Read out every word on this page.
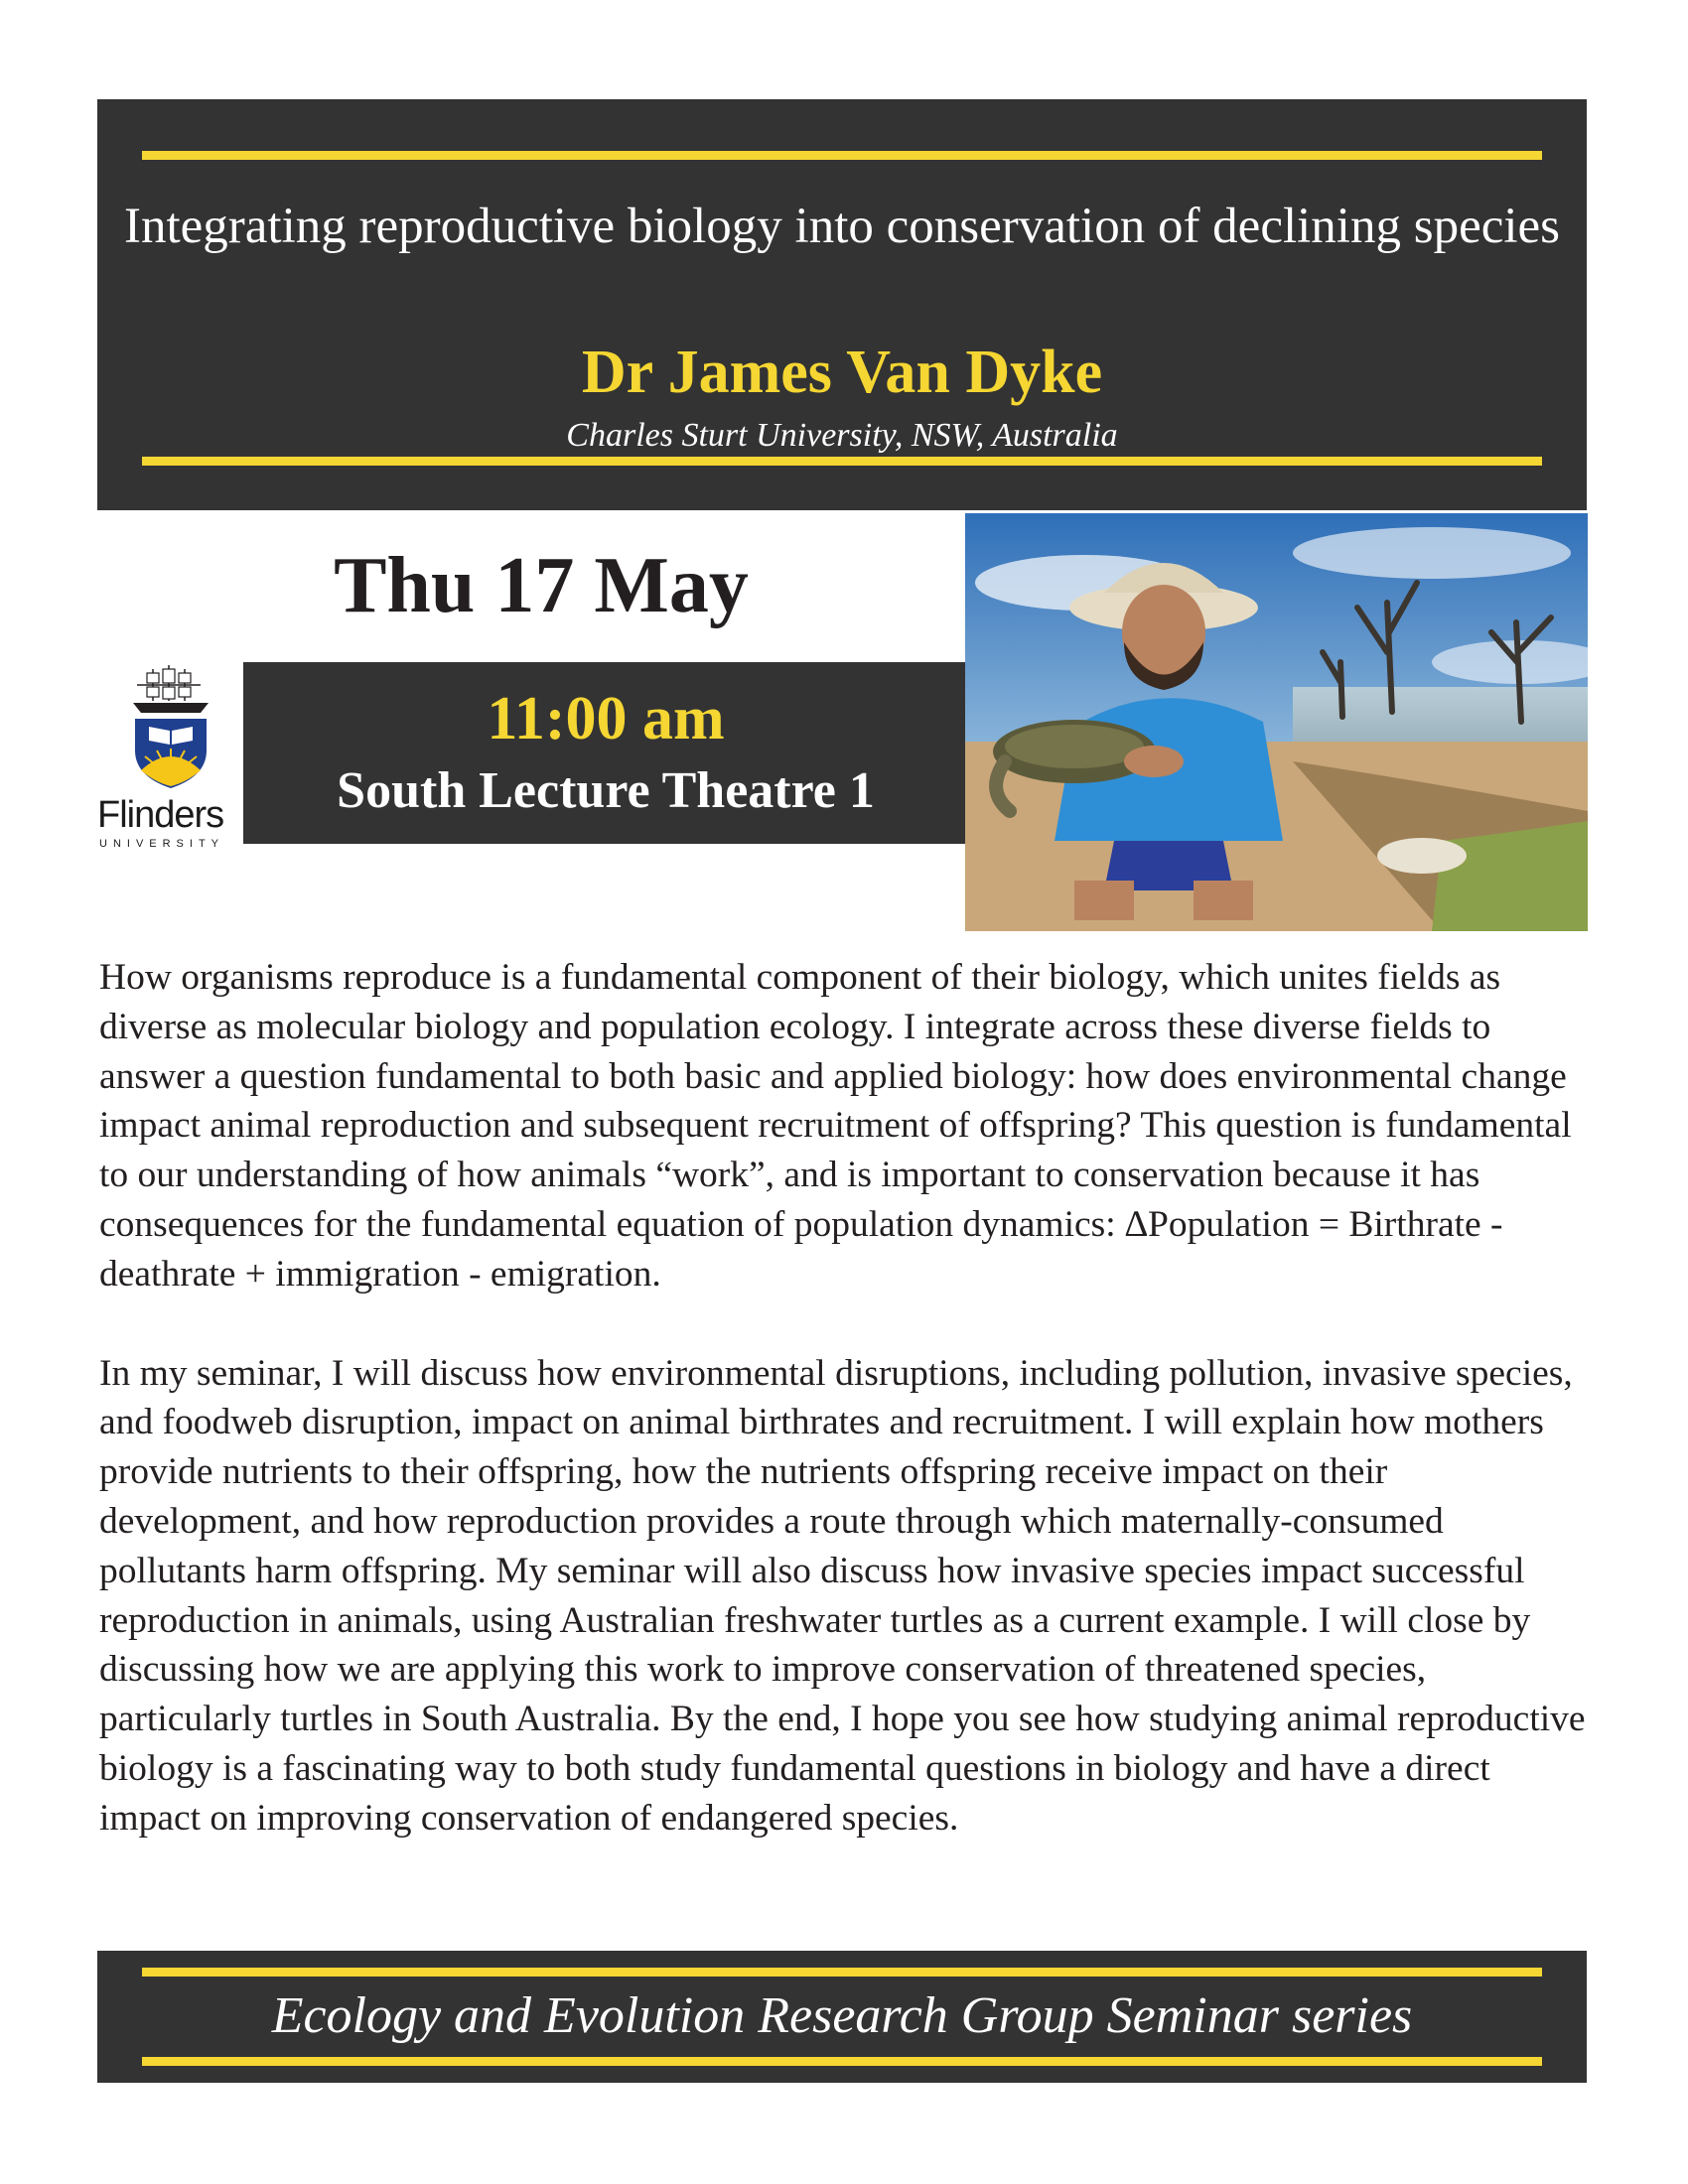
Integrating reproductive biology into conservation of declining species
Dr James Van Dyke
Charles Sturt University, NSW, Australia
Thu 17 May
Flinders
UNIVERSITY
11:00 am
South Lecture Theatre 1

How organisms reproduce is a fundamental component of their biology, which unites fields as diverse as molecular biology and population ecology. I integrate across these diverse fields to answer a question fundamental to both basic and applied biology: how does environmental change impact animal reproduction and subsequent recruitment of offspring? This question is fundamental to our understanding of how animals “work”, and is important to conservation because it has consequences for the fundamental equation of population dynamics: ∆Population = Birthrate - deathrate + immigration - emigration.

In my seminar, I will discuss how environmental disruptions, including pollution, invasive species, and foodweb disruption, impact on animal birthrates and recruitment. I will explain how mothers provide nutrients to their offspring, how the nutrients offspring receive impact on their development, and how reproduction provides a route through which maternally-consumed pollutants harm offspring. My seminar will also discuss how invasive species impact successful reproduction in animals, using Australian freshwater turtles as a current example. I will close by discussing how we are applying this work to improve conservation of threatened species, particularly turtles in South Australia. By the end, I hope you see how studying animal reproductive biology is a fascinating way to both study fundamental questions in biology and have a direct impact on improving conservation of endangered species.

Ecology and Evolution Research Group Seminar series
